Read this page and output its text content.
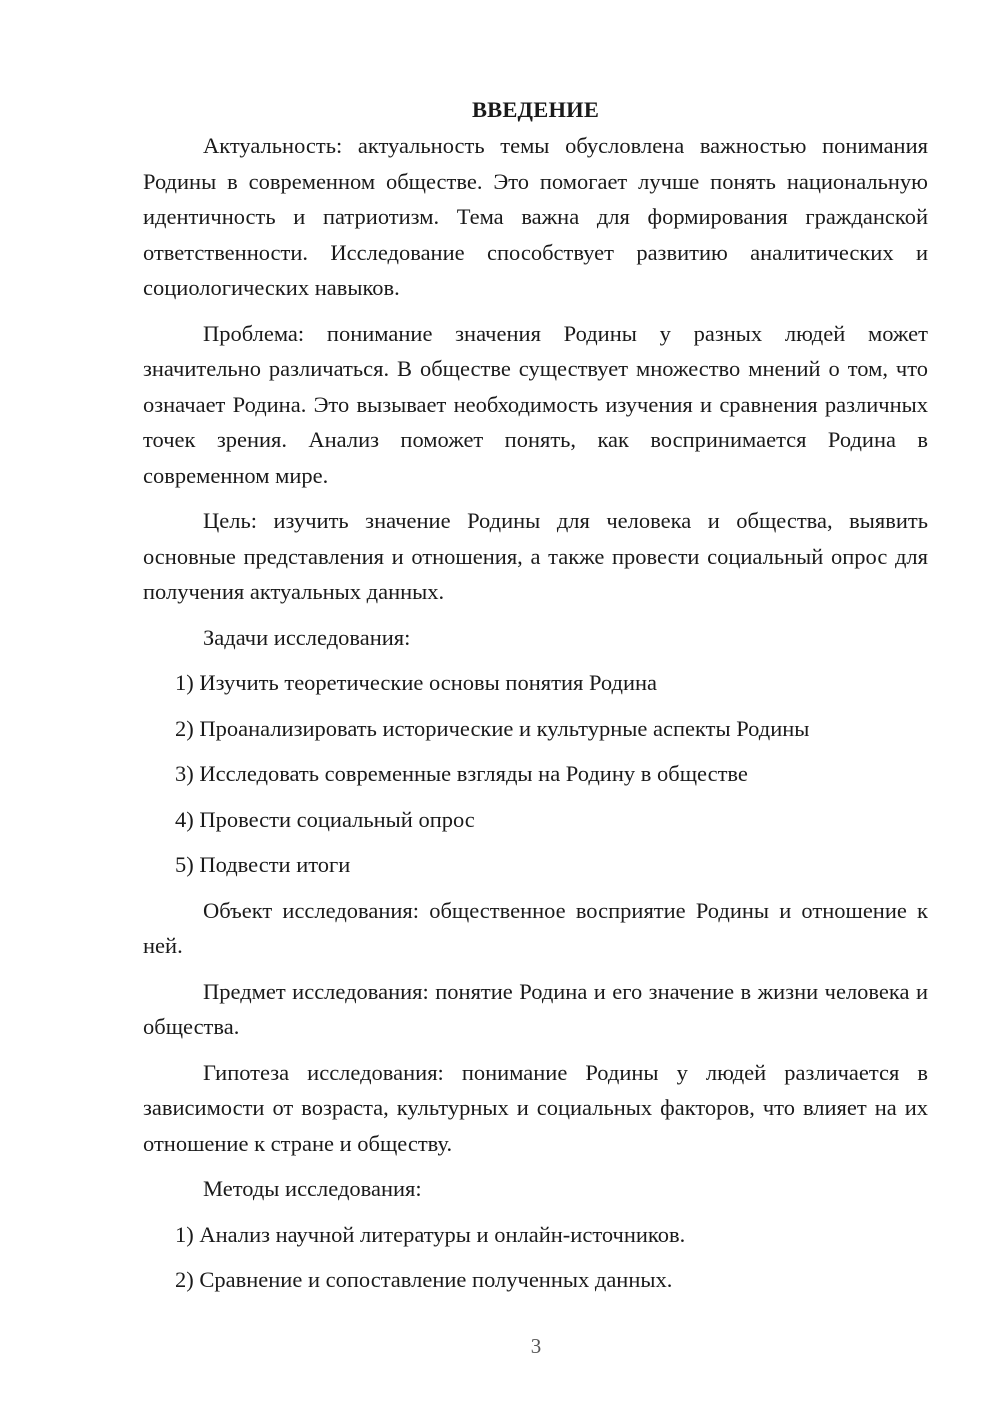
ВВЕДЕНИЕ

Актуальность: актуальность темы обусловлена важностью понимания Родины в современном обществе. Это помогает лучше понять национальную идентичность и патриотизм. Тема важна для формирования гражданской ответственности. Исследование способствует развитию аналитических и социологических навыков.

Проблема: понимание значения Родины у разных людей может значительно различаться. В обществе существует множество мнений о том, что означает Родина. Это вызывает необходимость изучения и сравнения различных точек зрения. Анализ поможет понять, как воспринимается Родина в современном мире.

Цель: изучить значение Родины для человека и общества, выявить основные представления и отношения, а также провести социальный опрос для получения актуальных данных.

Задачи исследования:

1) Изучить теоретические основы понятия Родина

2) Проанализировать исторические и культурные аспекты Родины

3) Исследовать современные взгляды на Родину в обществе

4) Провести социальный опрос

5) Подвести итоги

Объект исследования: общественное восприятие Родины и отношение к ней.

Предмет исследования: понятие Родина и его значение в жизни человека и общества.

Гипотеза исследования: понимание Родины у людей различается в зависимости от возраста, культурных и социальных факторов, что влияет на их отношение к стране и обществу.

Методы исследования:

1) Анализ научной литературы и онлайн-источников.

2) Сравнение и сопоставление полученных данных.

3
